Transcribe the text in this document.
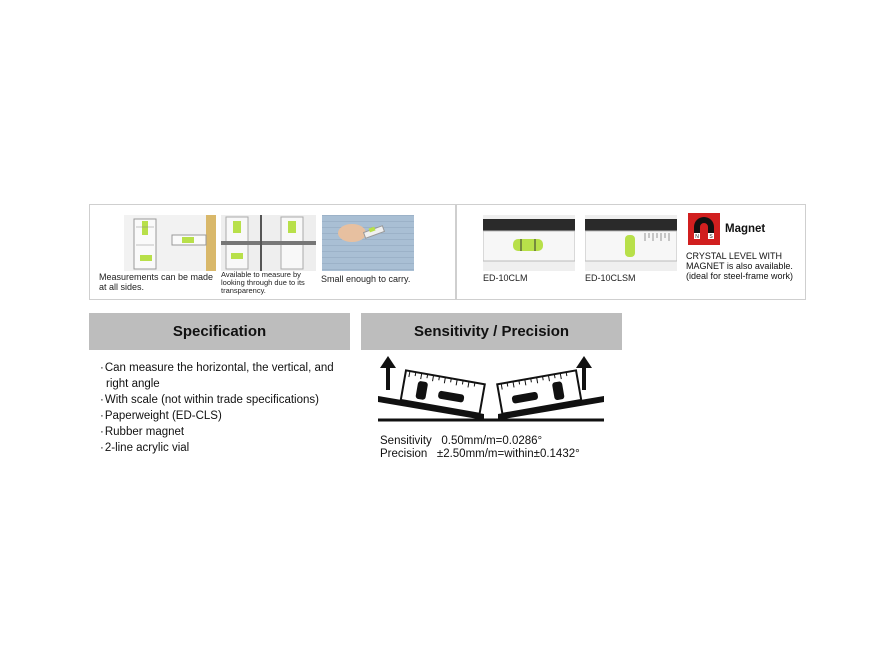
Measurements can be made at all sides.
Available to measure by looking through due to its transparency.
Small enough to carry.	ED-10CLM	ED-10CLSM
N S
Magnet
CRYSTAL LEVEL WITH MAGNET is also available. (ideal for steel-frame work)
Specification
· Can measure the horizontal, the vertical, and right angle
· With scale (not within trade specifications)
· Paperweight (ED-CLS)
· Rubber magnet
· 2-line acrylic vial
Sensitivity / Precision
Sensitivity   0.50mm/m=0.0286°
Precision   ±2.50mm/m=within±0.1432°
